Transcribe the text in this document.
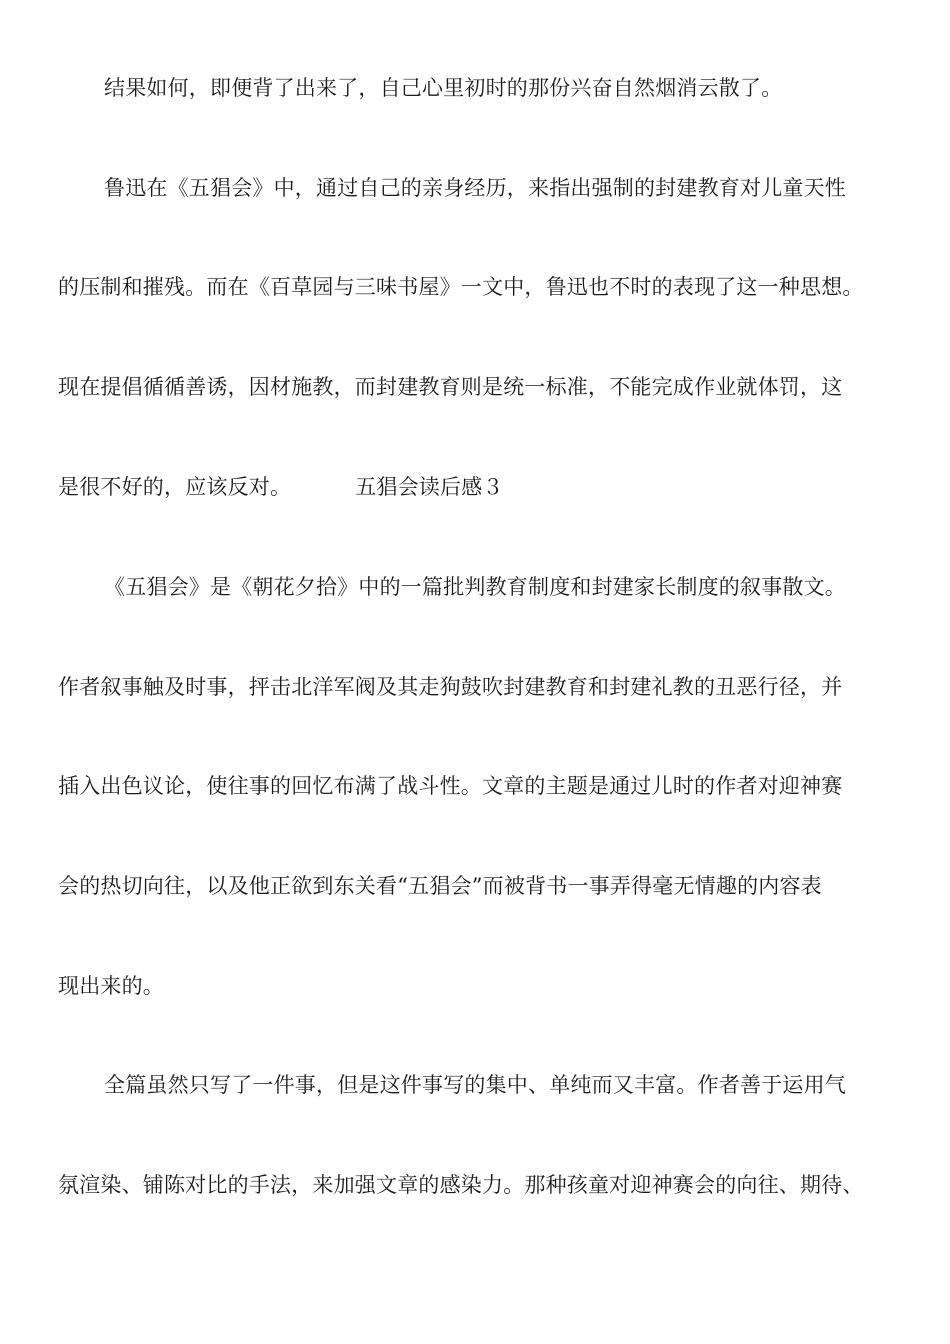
结果如何，即便背了出来了，自己心里初时的那份兴奋自然烟消云散了。
鲁迅在《五猖会》中，通过自己的亲身经历，来指出强制的封建教育对儿童天性
的压制和摧残。而在《百草园与三味书屋》一文中，鲁迅也不时的表现了这一种思想。
现在提倡循循善诱，因材施教，而封建教育则是统一标准，不能完成作业就体罚，这
是很不好的，应该反对。	五猖会读后感３
《五猖会》是《朝花夕拾》中的一篇批判教育制度和封建家长制度的叙事散文。
作者叙事触及时事，抨击北洋军阀及其走狗鼓吹封建教育和封建礼教的丑恶行径，并
插入出色议论，使往事的回忆布满了战斗性。文章的主题是通过儿时的作者对迎神赛
会的热切向往，以及他正欲到东关看“五猖会”而被背书一事弄得毫无情趣的内容表
现出来的。
全篇虽然只写了一件事，但是这件事写的集中、单纯而又丰富。作者善于运用气
氛渲染、铺陈对比的手法，来加强文章的感染力。那种孩童对迎神赛会的向往、期待、
